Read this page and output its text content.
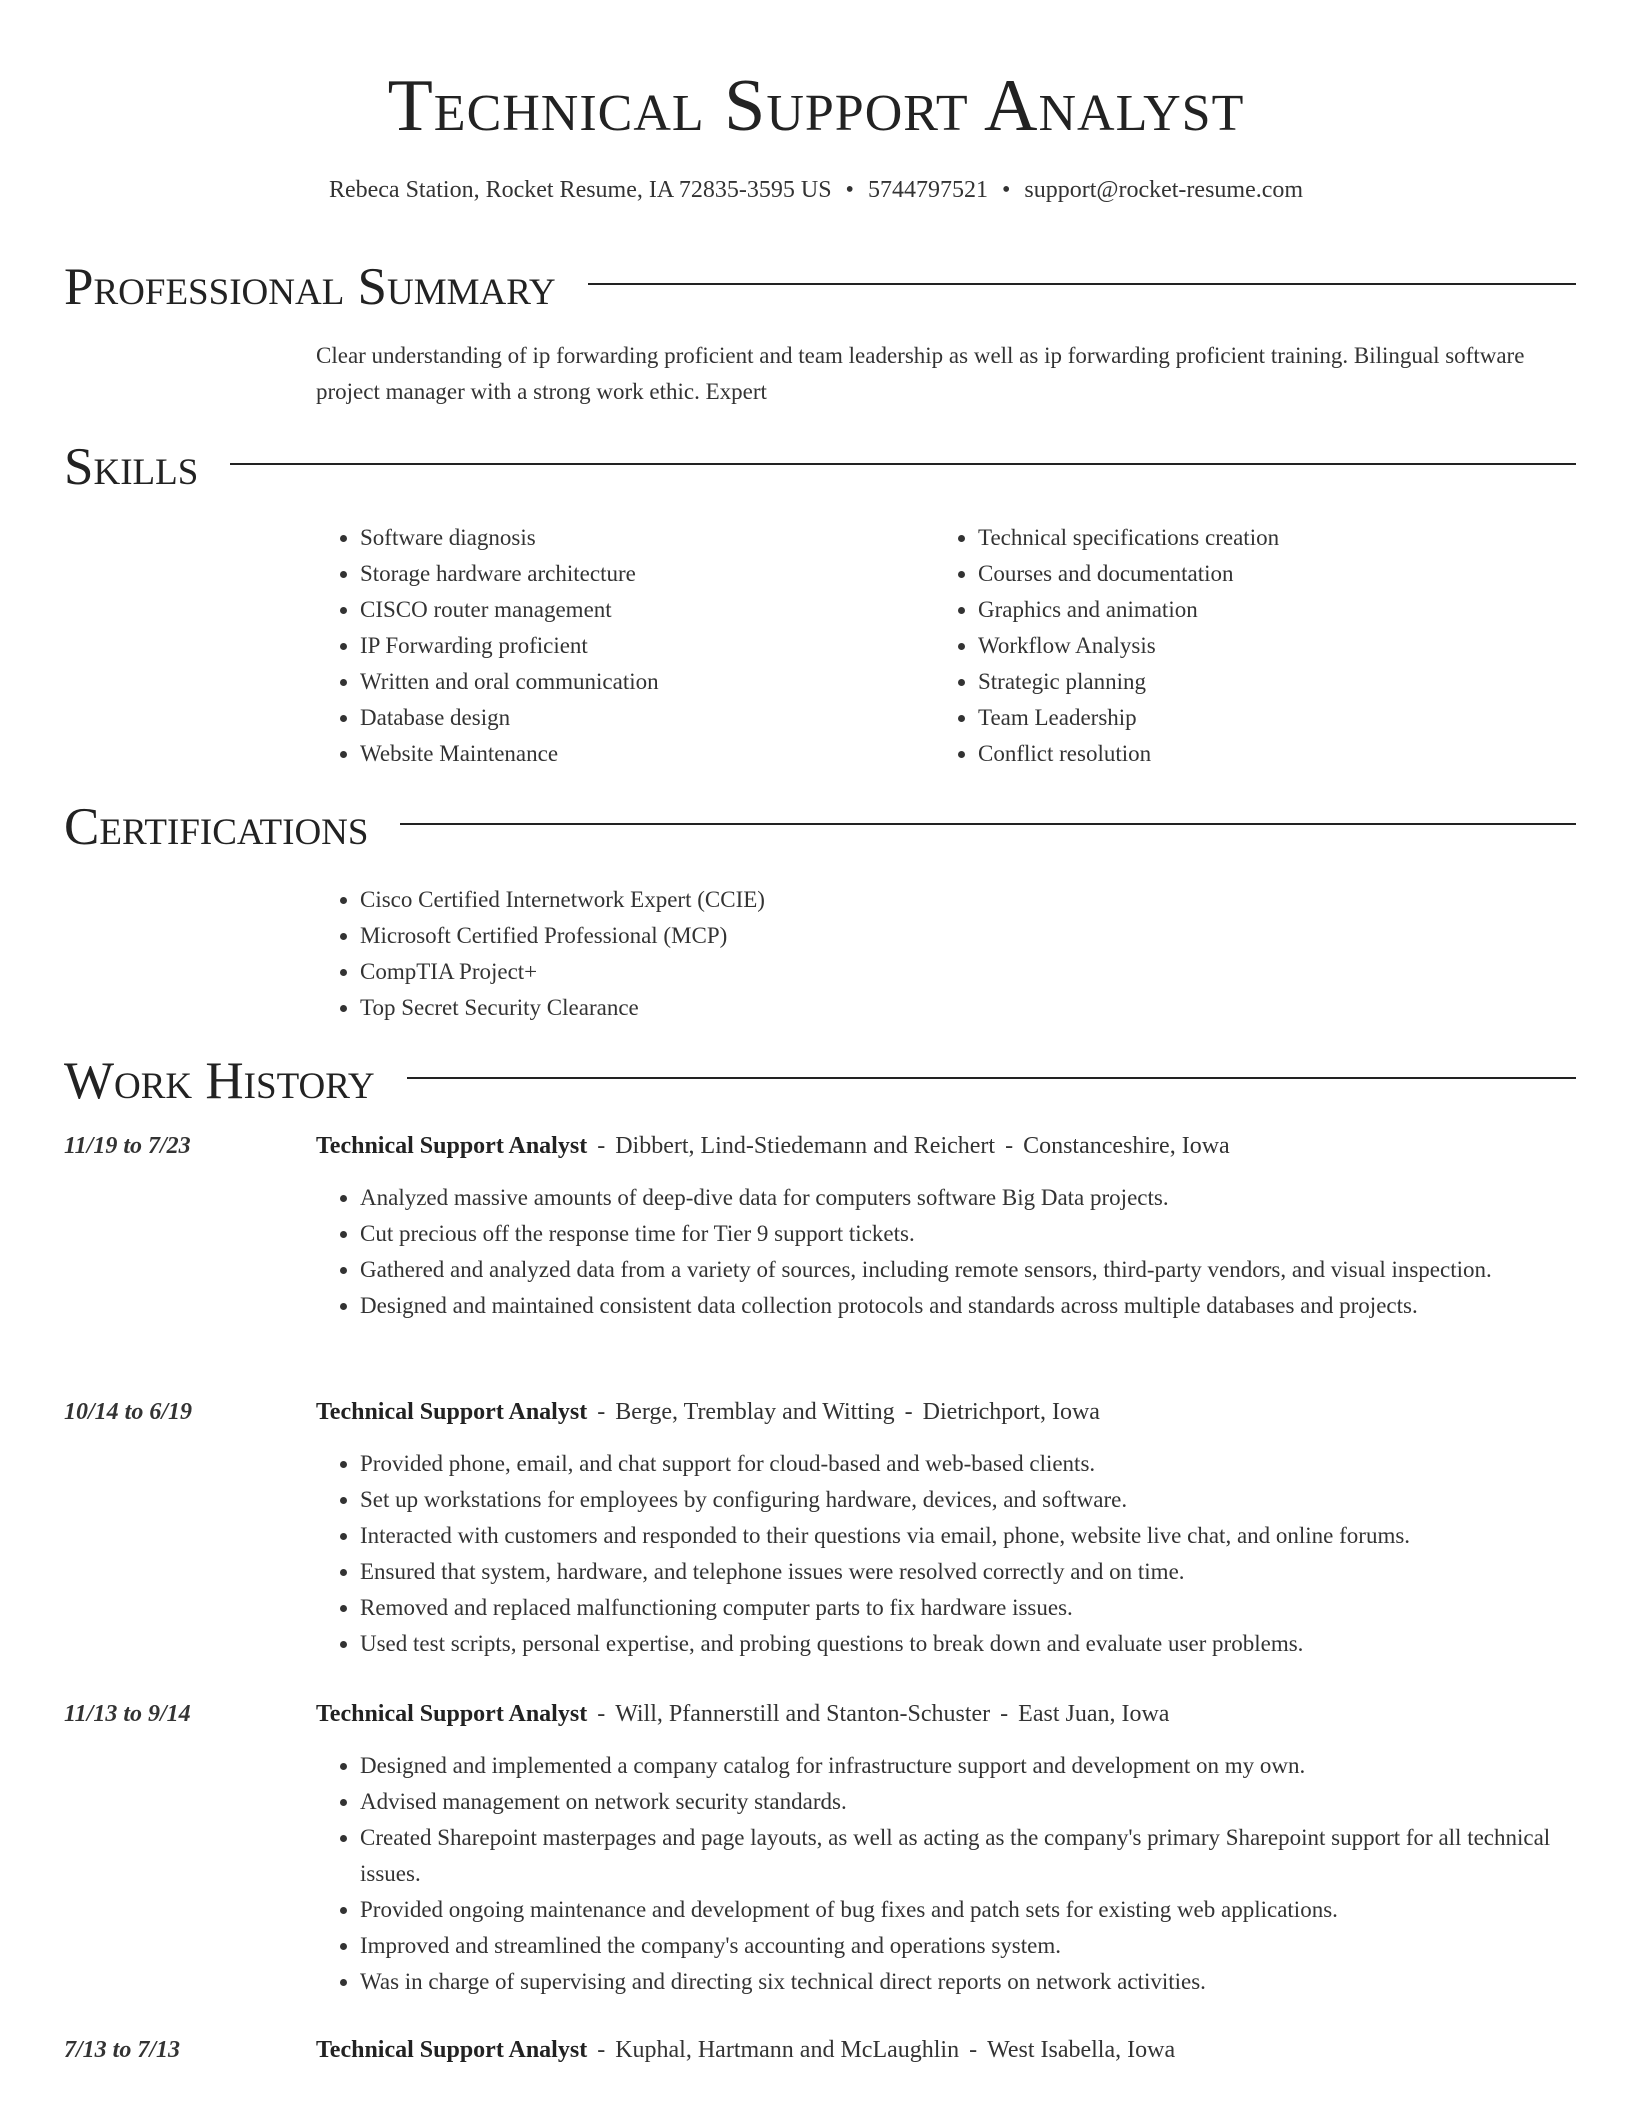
Technical Support Analyst
Rebeca Station, Rocket Resume, IA 72835-3595 US • 5744797521 • support@rocket-resume.com
Professional Summary
Clear understanding of ip forwarding proficient and team leadership as well as ip forwarding proficient training. Bilingual software project manager with a strong work ethic. Expert
Skills
• Software diagnosis
• Storage hardware architecture
• CISCO router management
• IP Forwarding proficient
• Written and oral communication
• Database design
• Website Maintenance
• Technical specifications creation
• Courses and documentation
• Graphics and animation
• Workflow Analysis
• Strategic planning
• Team Leadership
• Conflict resolution
Certifications
• Cisco Certified Internetwork Expert (CCIE)
• Microsoft Certified Professional (MCP)
• CompTIA Project+
• Top Secret Security Clearance
Work History
11/19 to 7/23	Technical Support Analyst - Dibbert, Lind-Stiedemann and Reichert - Constanceshire, Iowa
• Analyzed massive amounts of deep-dive data for computers software Big Data projects.
• Cut precious off the response time for Tier 9 support tickets.
• Gathered and analyzed data from a variety of sources, including remote sensors, third-party vendors, and visual inspection.
• Designed and maintained consistent data collection protocols and standards across multiple databases and projects.
10/14 to 6/19	Technical Support Analyst - Berge, Tremblay and Witting - Dietrichport, Iowa
• Provided phone, email, and chat support for cloud-based and web-based clients.
• Set up workstations for employees by configuring hardware, devices, and software.
• Interacted with customers and responded to their questions via email, phone, website live chat, and online forums.
• Ensured that system, hardware, and telephone issues were resolved correctly and on time.
• Removed and replaced malfunctioning computer parts to fix hardware issues.
• Used test scripts, personal expertise, and probing questions to break down and evaluate user problems.
11/13 to 9/14	Technical Support Analyst - Will, Pfannerstill and Stanton-Schuster - East Juan, Iowa
• Designed and implemented a company catalog for infrastructure support and development on my own.
• Advised management on network security standards.
• Created Sharepoint masterpages and page layouts, as well as acting as the company's primary Sharepoint support for all technical issues.
• Provided ongoing maintenance and development of bug fixes and patch sets for existing web applications.
• Improved and streamlined the company's accounting and operations system.
• Was in charge of supervising and directing six technical direct reports on network activities.
7/13 to 7/13	Technical Support Analyst - Kuphal, Hartmann and McLaughlin - West Isabella, Iowa
